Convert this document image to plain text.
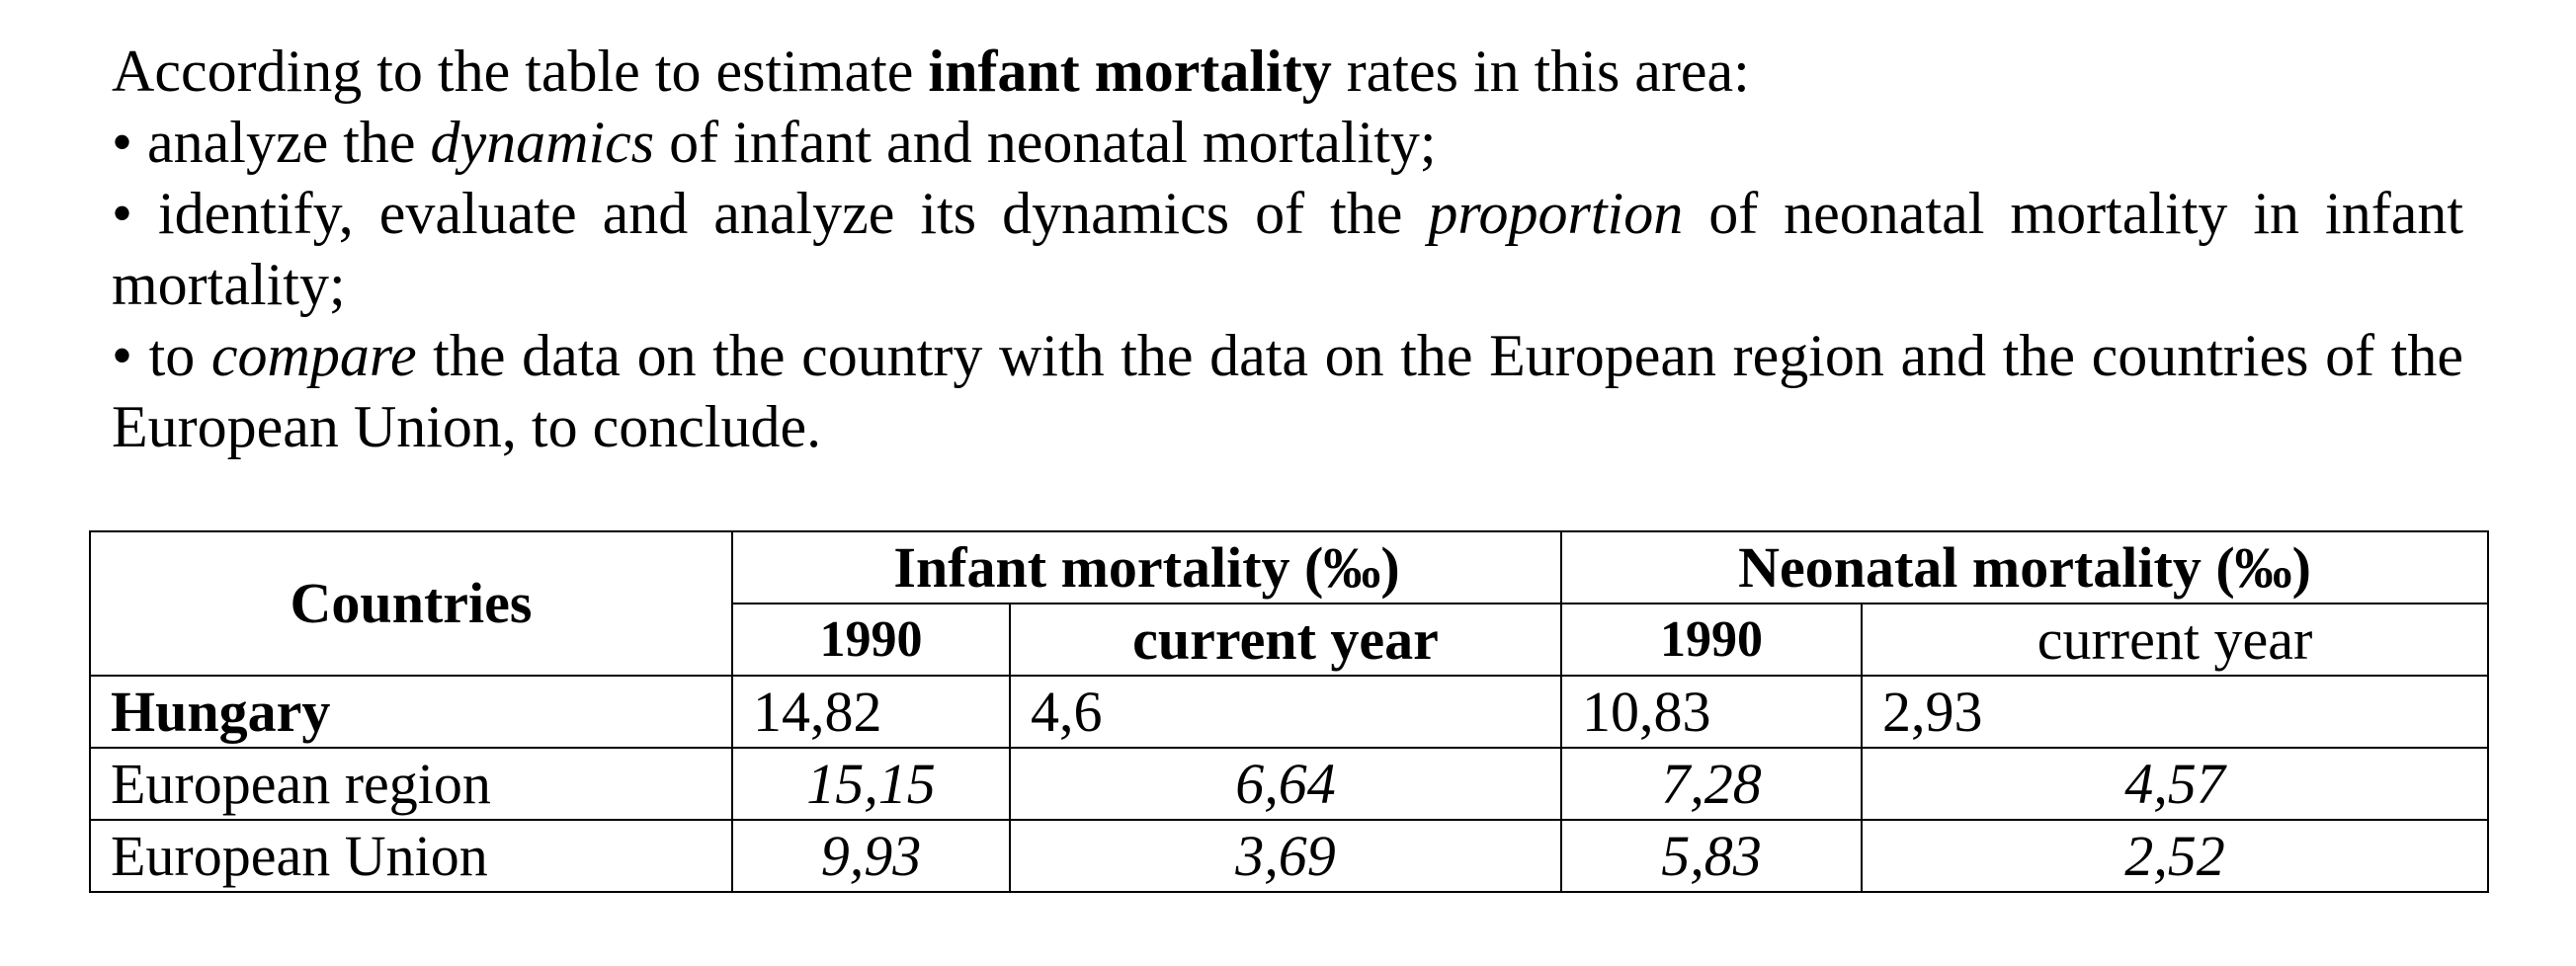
According to the table to estimate infant mortality rates in this area:

• analyze the dynamics of infant and neonatal mortality;

• identify, evaluate and analyze its dynamics of the proportion of neonatal mortality in infant mortality;

• to compare the data on the country with the data on the European region and the countries of the European Union, to conclude.

Countries	Infant mortality (‰)		Neonatal mortality (‰)	
	1990	current year	1990	current year
Hungary	14,82	4,6	10,83	2,93
European region	15,15	6,64	7,28	4,57
European Union	9,93	3,69	5,83	2,52
